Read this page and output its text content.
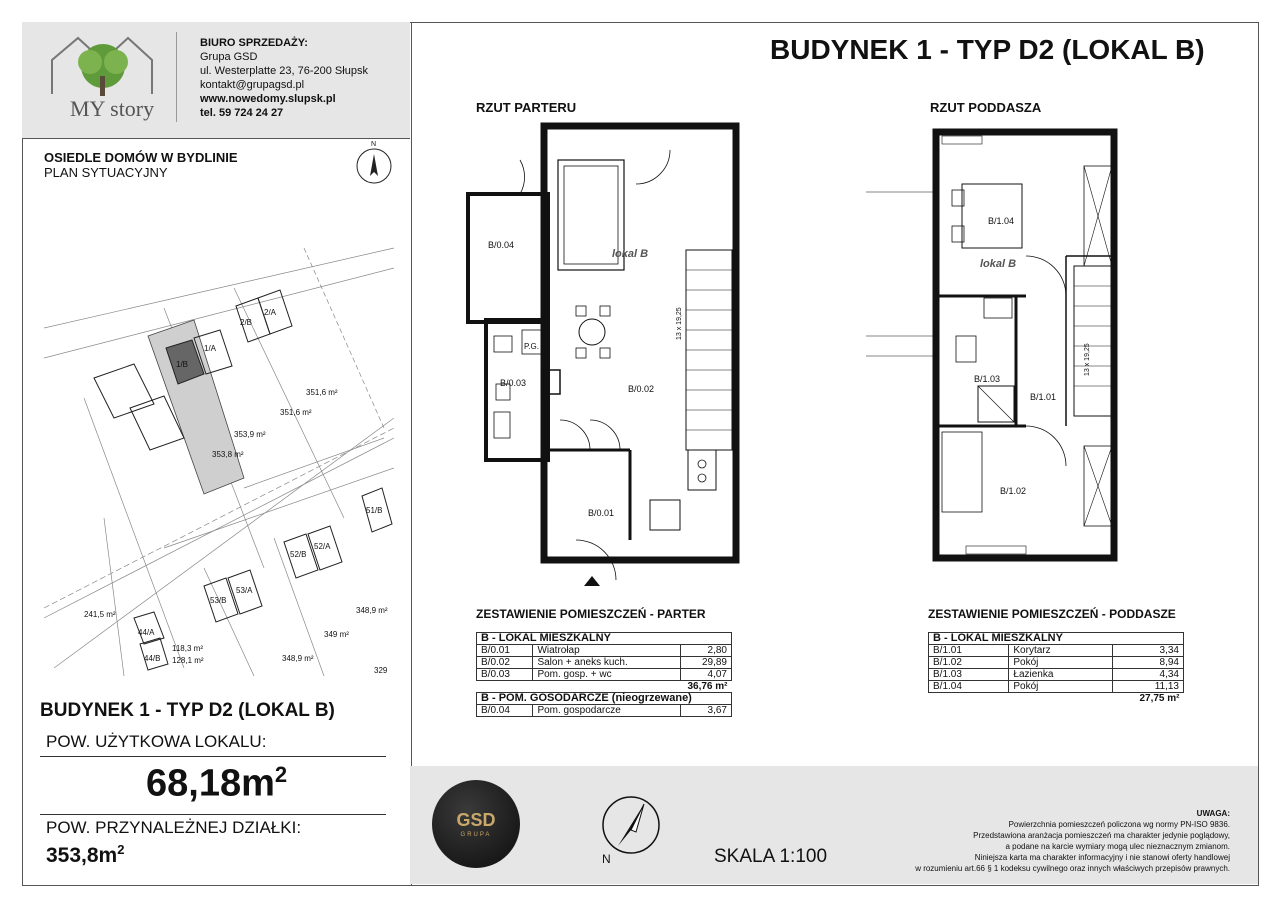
MY story
BIURO SPRZEDAŻY:
Grupa GSD
ul. Westerplatte 23, 76-200 Słupsk
kontakt@grupagsd.pl
www.nowedomy.slupsk.pl
tel. 59 724 24 27
OSIEDLE DOMÓW W BYDLINIE
PLAN SYTUACYJNY
N
1/B
1/A
2/B
2/A
351,6 m²
351,6 m²
353,9 m²
353,8 m²
241,5 m²
118,3 m²
128,1 m²
53/B
53/A
52/B
52/A
51/B
44/A
44/B
348,9 m²
349 m²
348,9 m²
329
BUDYNEK 1 - TYP D2 (LOKAL B)
POW. UŻYTKOWA LOKALU:
$68,18m^2$
POW. PRZYNALEŻNEJ DZIAŁKI:
$353,8m^2$
BUDYNEK 1 - TYP D2 (LOKAL B)
RZUT PARTERU
lokal B
B/0.01
B/0.02
B/0.03
B/0.04
P.G.
13 x 19,25
RZUT PODDASZA
lokal B
B/1.01
B/1.02
B/1.03
B/1.04
13 x 19,25
ZESTAWIENIE POMIESZCZEŃ - PARTER
B - LOKAL MIESZKALNY		
B/0.01	Wiatrołap	2,80
B/0.02	Salon + aneks kuch.	29,89
B/0.03	Pom. gosp. + wc	4,07
36,76 m²		
B - POM. GOSODARCZE (nieogrzewane)		
B/0.04	Pom. gospodarcze	3,67
ZESTAWIENIE POMIESZCZEŃ - PODDASZE
B - LOKAL MIESZKALNY		
B/1.01	Korytarz	3,34
B/1.02	Pokój	8,94
B/1.03	Łazienka	4,34
B/1.04	Pokój	11,13
27,75 m²		
GSD
GRUPA
N	SKALA 1:100
UWAGA:
Powierzchnia pomieszczeń policzona wg normy PN-ISO 9836.
Przedstawiona aranżacja pomieszczeń ma charakter jedynie poglądowy,
a podane na karcie wymiary mogą ulec nieznacznym zmianom.
Niniejsza karta ma charakter informacyjny i nie stanowi oferty handlowej
w rozumieniu art.66 § 1 kodeksu cywilnego oraz innych właściwych przepisów prawnych.
